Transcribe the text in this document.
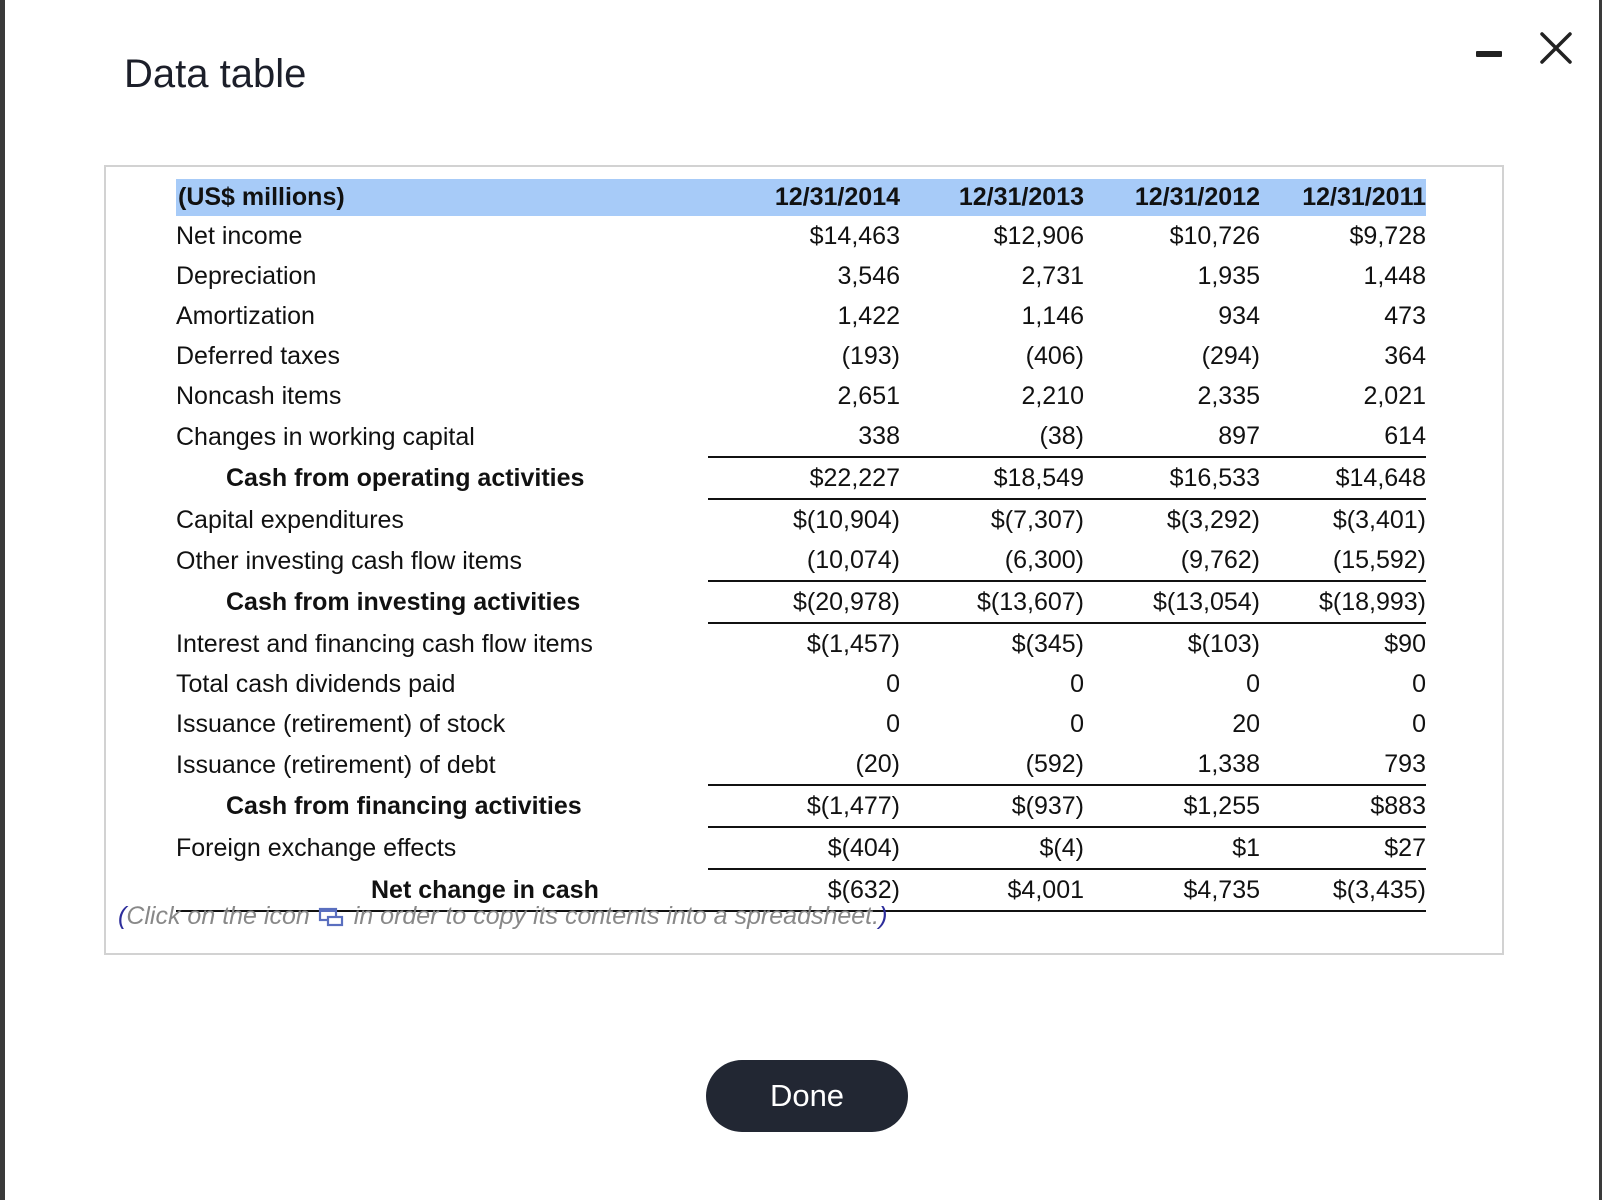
Data table
(US$ millions)	12/31/2014	12/31/2013	12/31/2012	12/31/2011
Net income	$14,463	$12,906	$10,726	$9,728
Depreciation	3,546	2,731	1,935	1,448
Amortization	1,422	1,146	934	473
Deferred taxes	(193)	(406)	(294)	364
Noncash items	2,651	2,210	2,335	2,021
Changes in working capital	338	(38)	897	614
Cash from operating activities	$22,227	$18,549	$16,533	$14,648
Capital expenditures	$(10,904)	$(7,307)	$(3,292)	$(3,401)
Other investing cash flow items	(10,074)	(6,300)	(9,762)	(15,592)
Cash from investing activities	$(20,978)	$(13,607)	$(13,054)	$(18,993)
Interest and financing cash flow items	$(1,457)	$(345)	$(103)	$90
Total cash dividends paid	0	0	0	0
Issuance (retirement) of stock	0	0	20	0
Issuance (retirement) of debt	(20)	(592)	1,338	793
Cash from financing activities	$(1,477)	$(937)	$1,255	$883
Foreign exchange effects	$(404)	$(4)	$1	$27
Net change in cash	$(632)	$4,001	$4,735	$(3,435)
(Click on the icon in order to copy its contents into a spreadsheet.)
Done
